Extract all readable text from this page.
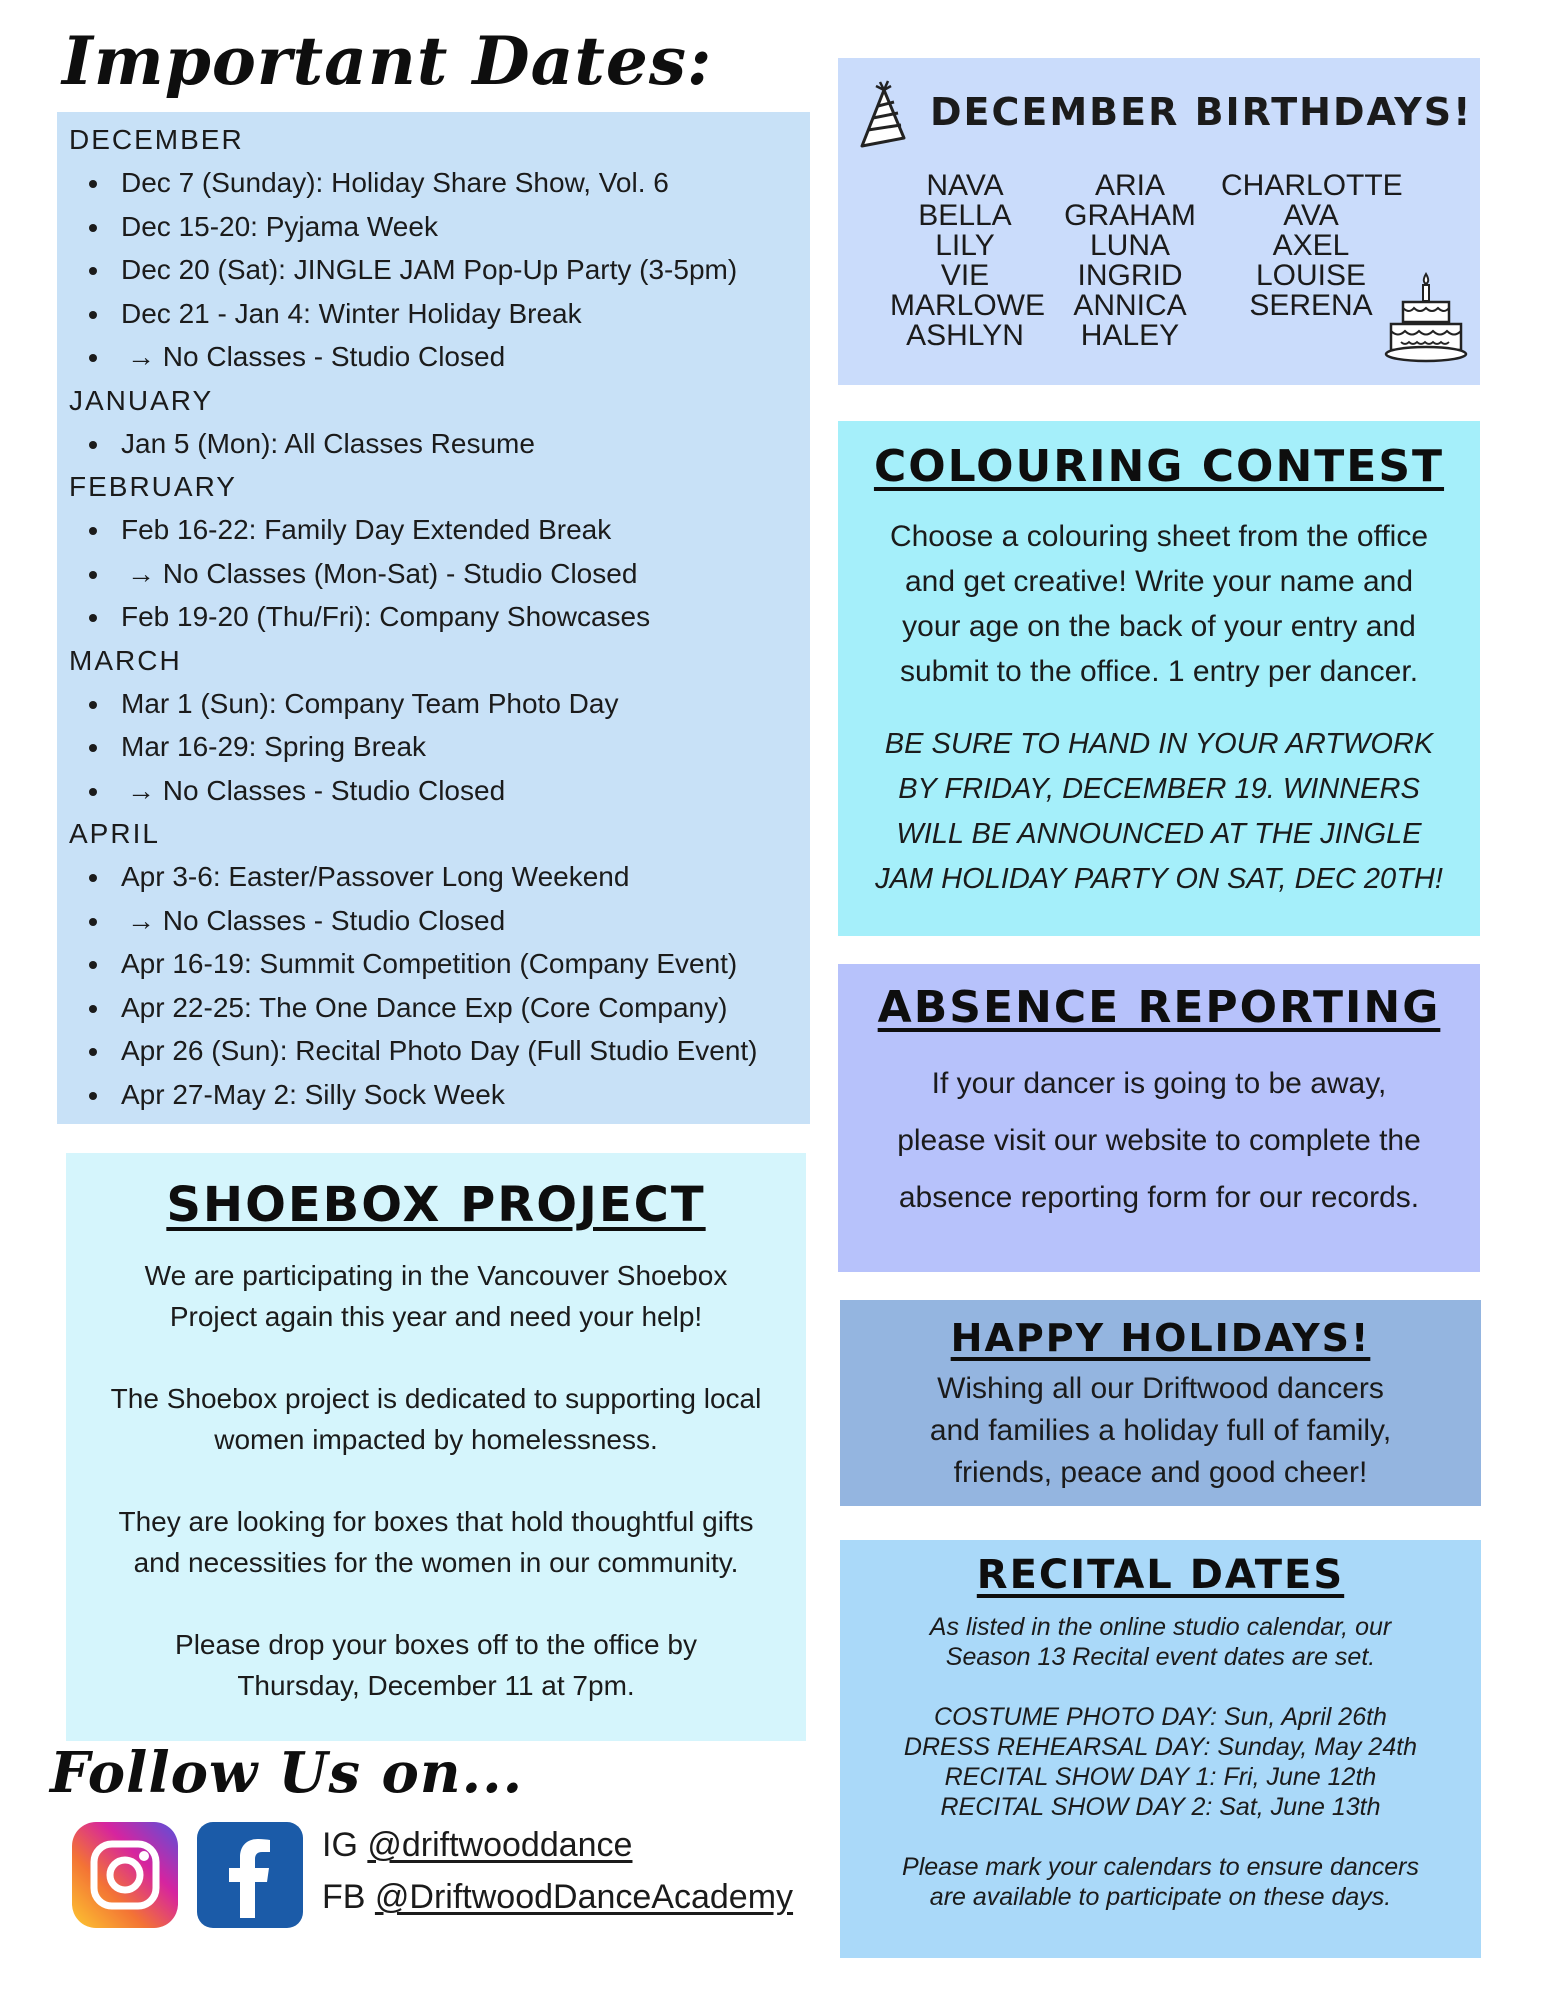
Important Dates:
DECEMBER
Dec 7 (Sunday): Holiday Share Show, Vol. 6
Dec 15-20: Pyjama Week
Dec 20 (Sat): JINGLE JAM Pop-Up Party (3-5pm)
Dec 21 - Jan 4: Winter Holiday Break
→ No Classes - Studio Closed
JANUARY
Jan 5 (Mon): All Classes Resume
FEBRUARY
Feb 16-22: Family Day Extended Break
→ No Classes (Mon-Sat) - Studio Closed
Feb 19-20 (Thu/Fri): Company Showcases
MARCH
Mar 1 (Sun): Company Team Photo Day
Mar 16-29: Spring Break
→ No Classes - Studio Closed
APRIL
Apr 3-6: Easter/Passover Long Weekend
→ No Classes - Studio Closed
Apr 16-19: Summit Competition (Company Event)
Apr 22-25: The One Dance Exp (Core Company)
Apr 26 (Sun): Recital Photo Day (Full Studio Event)
Apr 27-May 2: Silly Sock Week
SHOEBOX PROJECT

We are participating in the Vancouver Shoebox

Project again this year and need your help!

The Shoebox project is dedicated to supporting local

women impacted by homelessness.

They are looking for boxes that hold thoughtful gifts

and necessities for the women in our community.

Please drop your boxes off to the office by

Thursday, December 11 at 7pm.

Follow Us on...
IG @driftwooddance
FB @DriftwoodDanceAcademy
DECEMBER BIRTHDAYS!
NAVA
BELLA
LILY
VIE
MARLOWE
ASHLYN
ARIA
GRAHAM
LUNA
INGRID
ANNICA
HALEY
CHARLOTTE
AVA
AXEL
LOUISE
SERENA
COLOURING CONTEST

Choose a colouring sheet from the office
and get creative! Write your name and
your age on the back of your entry and
submit to the office. 1 entry per dancer.

BE SURE TO HAND IN YOUR ARTWORK
BY FRIDAY, DECEMBER 19. WINNERS
WILL BE ANNOUNCED AT THE JINGLE
JAM HOLIDAY PARTY ON SAT, DEC 20TH!

ABSENCE REPORTING

If your dancer is going to be away,
please visit our website to complete the
absence reporting form for our records.

HAPPY HOLIDAYS!

Wishing all our Driftwood dancers
and families a holiday full of family,
friends, peace and good cheer!

RECITAL DATES

As listed in the online studio calendar, our
Season 13 Recital event dates are set.

COSTUME PHOTO DAY: Sun, April 26th
DRESS REHEARSAL DAY: Sunday, May 24th
RECITAL SHOW DAY 1: Fri, June 12th
RECITAL SHOW DAY 2: Sat, June 13th

Please mark your calendars to ensure dancers
are available to participate on these days.
